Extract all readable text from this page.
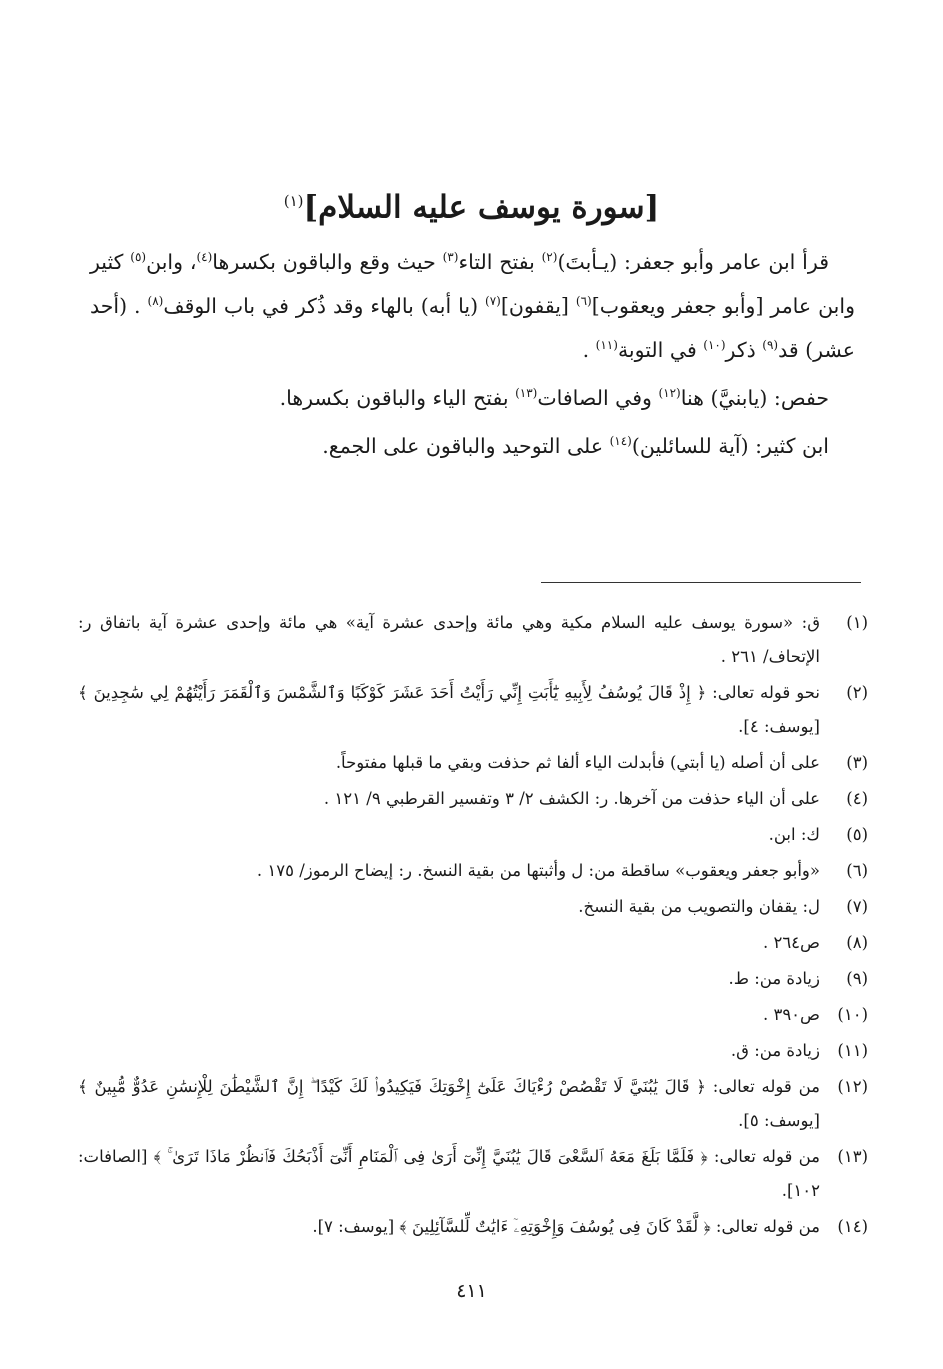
[سورة يوسف عليه السلام]$^{(١)}$

قرأ ابن عامر وأبو جعفر: (يـأبتَ)$^{(٢)}$ بفتح التاء$^{(٣)}$ حيث وقع والباقون بكسرها$^{(٤)}$، وابن$^{(٥)}$ كثير وابن عامر [وأبو جعفر ويعقوب]$^{(٦)}$ [يقفون]$^{(٧)}$ (يا أبه) بالهاء وقد ذُكر في باب الوقف$^{(٨)}$ . (أحد عشر) قد$^{(٩)}$ ذكر$^{(١٠)}$ في التوبة$^{(١١)}$ .

حفص: (يابنيَّ) هنا$^{(١٢)}$ وفي الصافات$^{(١٣)}$ بفتح الياء والباقون بكسرها.

ابن كثير: (آية للسائلين)$^{(١٤)}$ على التوحيد والباقون على الجمع.

(١)
ق: «سورة يوسف عليه السلام مكية وهي مائة وإحدى عشرة آية» هي مائة وإحدى عشرة آية باتفاق ر: الإتحاف/ ٢٦١ .
(٢)
نحو قوله تعالى: ﴿ إِذْ قَالَ يُوسُفُ لِأَبِيهِ يَٰٓأَبَتِ إِنِّي رَأَيْتُ أَحَدَ عَشَرَ كَوْكَبًا وَٱلشَّمْسَ وَٱلْقَمَرَ رَأَيْتُهُمْ لِي سَٰجِدِينَ ﴾ [يوسف: ٤].
(٣)
على أن أصله (يا أبتي) فأبدلت الياء ألفا ثم حذفت وبقي ما قبلها مفتوحاً.
(٤)
على أن الياء حذفت من آخرها. ر: الكشف ٢/ ٣ وتفسير القرطبي ٩/ ١٢١ .
(٥)
ك: ابن.
(٦)
«وأبو جعفر ويعقوب» ساقطة من: ل وأثبتها من بقية النسخ. ر: إيضاح الرموز/ ١٧٥ .
(٧)
ل: يقفان والتصويب من بقية النسخ.
(٨)
ص٢٦٤ .
(٩)
زيادة من: ط.
(١٠)
ص٣٩٠ .
(١١)
زيادة من: ق.
(١٢)
من قوله تعالى: ﴿ قَالَ يَٰبُنَيَّ لَا تَقْصُصْ رُءْيَاكَ عَلَىٰٓ إِخْوَتِكَ فَيَكِيدُوا۟ لَكَ كَيْدًا ۖ إِنَّ ٱلشَّيْطَٰنَ لِلْإِنسَٰنِ عَدُوٌّ مُّبِينٌ ﴾ [يوسف: ٥].
(١٣)
من قوله تعالى: ﴿ فَلَمَّا بَلَغَ مَعَهُ ٱلسَّعْىَ قَالَ يَٰبُنَيَّ إِنِّىٓ أَرَىٰ فِى ٱلْمَنَامِ أَنِّىٓ أَذْبَحُكَ فَٱنظُرْ مَاذَا تَرَىٰ ۚ ﴾ [الصافات: ١٠٢].
(١٤)
من قوله تعالى: ﴿ لَّقَدْ كَانَ فِى يُوسُفَ وَإِخْوَتِهِۦٓ ءَايَٰتٌ لِّلسَّآئِلِينَ ﴾ [يوسف: ٧].
٤١١
